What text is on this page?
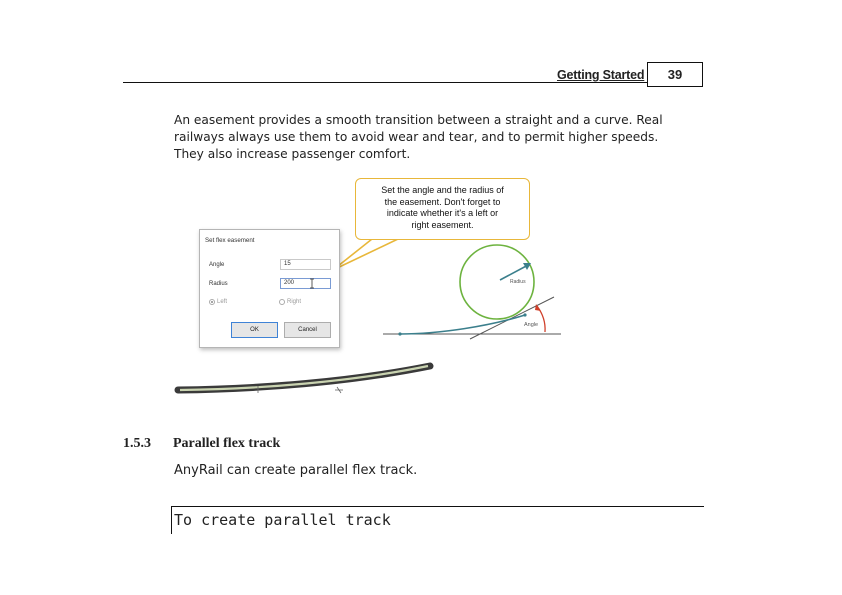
Getting Started	39
An easement provides a smooth transition between a straight and a curve. Real
railways always use them to avoid wear and tear, and to permit higher speeds.
They also increase passenger comfort.
Radius
Angle
Set the angle and the radius of
the easement. Don't forget to
indicate whether it's a left or
right easement.
Set flex easement
Angle	15
Radius	200
Left	Right
OK	Cancel
1.5.3 Parallel flex track
AnyRail can create parallel flex track.
To create parallel track
